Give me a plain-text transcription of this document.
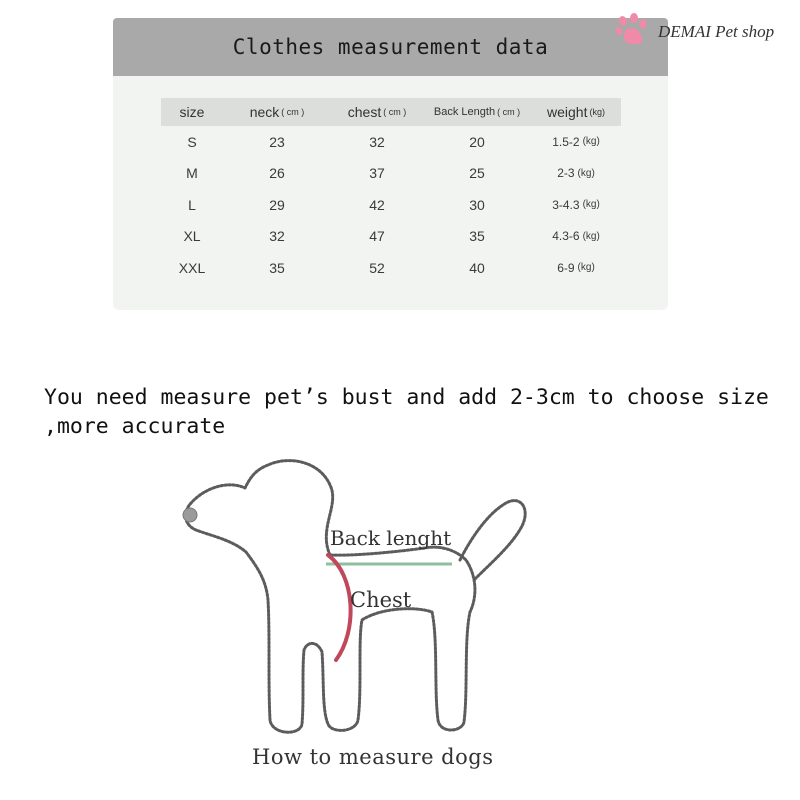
Clothes measurement data
size	neck ( cm )	chest ( cm )	Back Length ( cm ) weight (kg)
S	23	32	20	1.5-2 (kg)
M	26	37	25	2-3 (kg)
L	29	42	30	3-4.3 (kg)
XL	32	47	35	4.3-6 (kg)
XXL	35	52	40	6-9 (kg)
DEMAI Pet shop
You need measure pet’s bust and add 2-3cm to choose size ,more accurate
Back lenght
Chest
How to measure dogs
